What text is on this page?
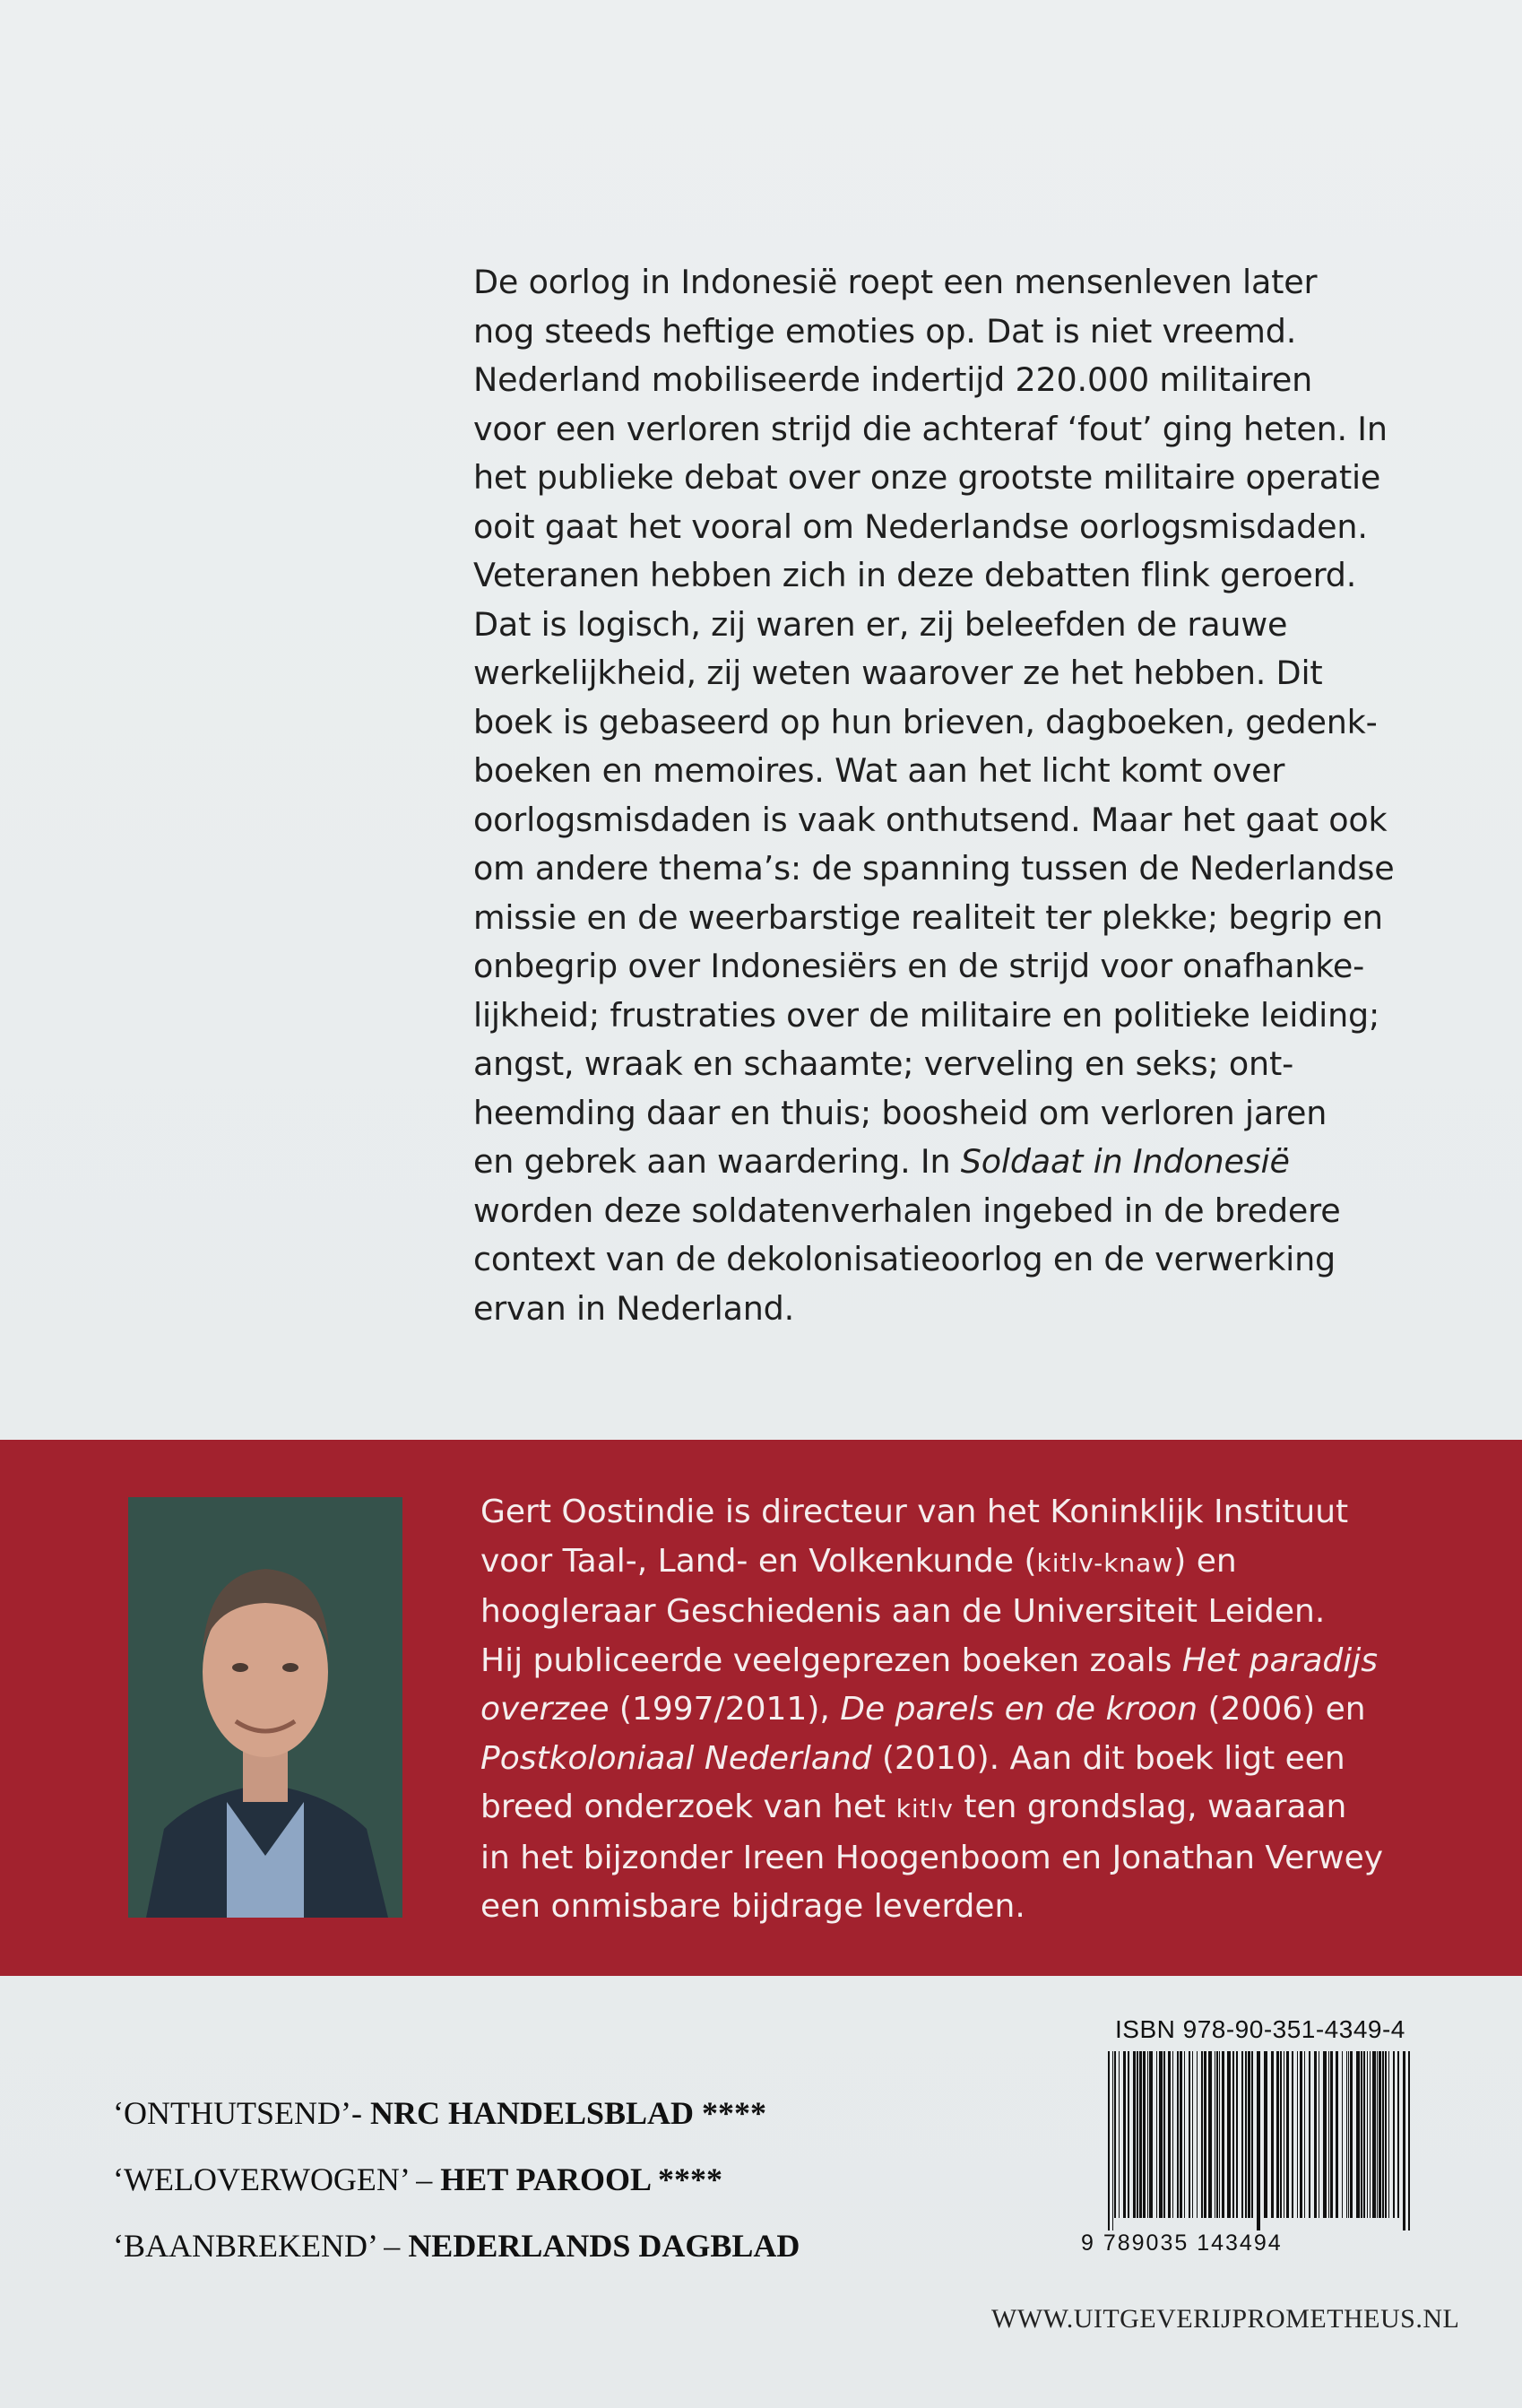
De oorlog in Indonesië roept een mensenleven later
nog steeds heftige emoties op. Dat is niet vreemd.
Nederland mobiliseerde indertijd 220.000 militairen
voor een verloren strijd die achteraf ‘fout’ ging heten. In
het publieke debat over onze grootste militaire operatie
ooit gaat het vooral om Nederlandse oorlogsmisdaden.
Veteranen hebben zich in deze debatten flink geroerd.
Dat is logisch, zij waren er, zij beleefden de rauwe
werkelijkheid, zij weten waarover ze het hebben. Dit
boek is gebaseerd op hun brieven, dagboeken, gedenk-
boeken en memoires. Wat aan het licht komt over
oorlogsmisdaden is vaak onthutsend. Maar het gaat ook
om andere thema’s: de spanning tussen de Nederlandse
missie en de weerbarstige realiteit ter plekke; begrip en
onbegrip over Indonesiërs en de strijd voor onafhanke-
lijkheid; frustraties over de militaire en politieke leiding;
angst, wraak en schaamte; verveling en seks; ont-
heemding daar en thuis; boosheid om verloren jaren
en gebrek aan waardering. In Soldaat in Indonesië
worden deze soldatenverhalen ingebed in de bredere
context van de dekolonisatieoorlog en de verwerking
ervan in Nederland.
Gert Oostindie is directeur van het Koninklijk Instituut
voor Taal-, Land- en Volkenkunde (kitlv-knaw) en
hoogleraar Geschiedenis aan de Universiteit Leiden.
Hij publiceerde veelgeprezen boeken zoals Het paradijs
overzee (1997/2011), De parels en de kroon (2006) en
Postkoloniaal Nederland (2010). Aan dit boek ligt een
breed onderzoek van het kitlv ten grondslag, waaraan
in het bijzonder Ireen Hoogenboom en Jonathan Verwey
een onmisbare bijdrage leverden.
‘ONTHUTSEND’- NRC HANDELSBLAD ****
‘WELOVERWOGEN’ – HET PAROOL ****
‘BAANBREKEND’ – NEDERLANDS DAGBLAD
ISBN 978-90-351-4349-4
9 789035 143494
WWW.UITGEVERIJPROMETHEUS.NL
